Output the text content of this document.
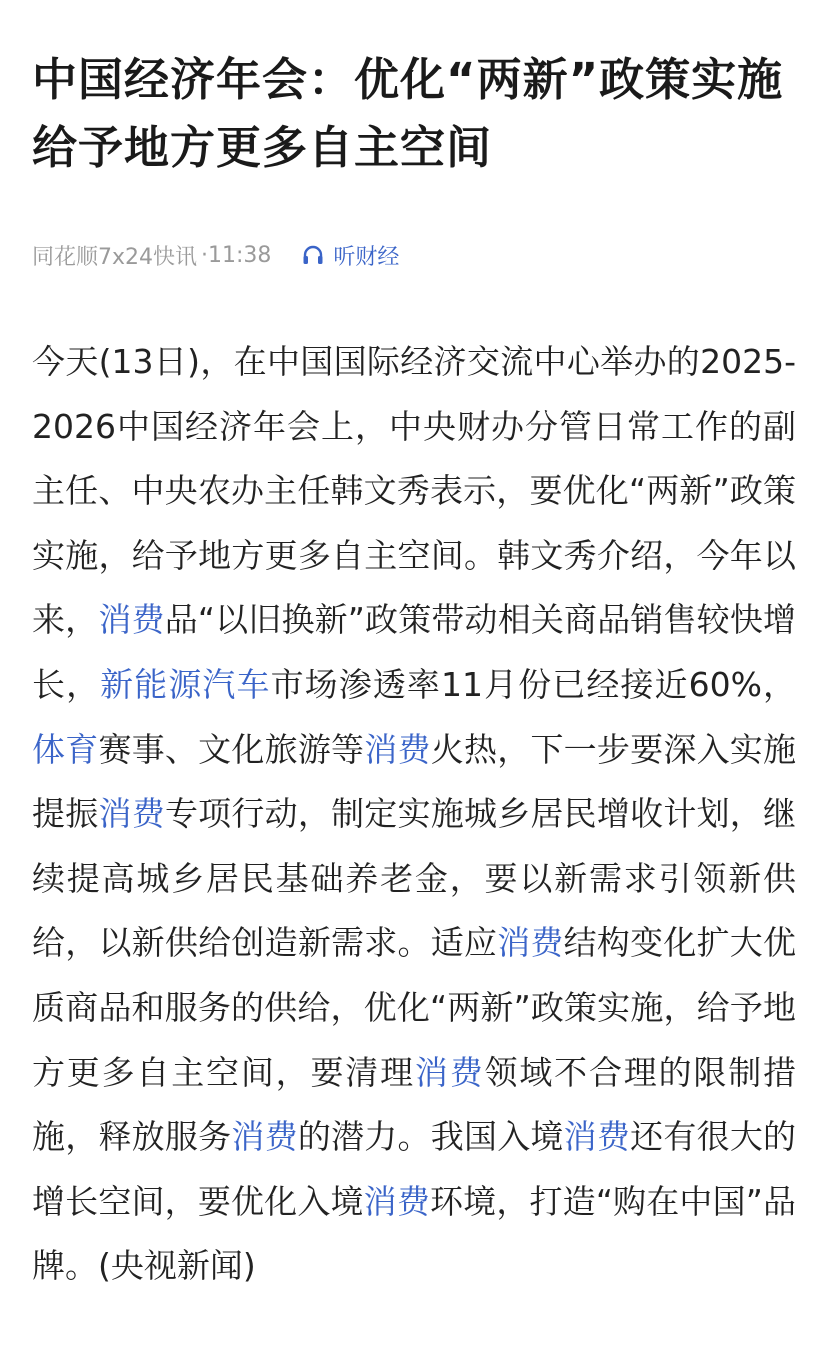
中国经济年会：优化“两新”政策实施 给予地方更多自主空间
同花顺7x24快讯 ·11:38	听财经
今天(13日)，在中国国际经济交流中心举办的2025-2026中国经济年会上，中央财办分管日常工作的副主任、中央农办主任韩文秀表示，要优化“两新”政策实施，给予地方更多自主空间。韩文秀介绍，今年以来，消费品“以旧换新”政策带动相关商品销售较快增长，新能源汽车市场渗透率11月份已经接近60%，体育赛事、文化旅游等消费火热，下一步要深入实施提振消费专项行动，制定实施城乡居民增收计划，继续提高城乡居民基础养老金，要以新需求引领新供给，以新供给创造新需求。适应消费结构变化扩大优质商品和服务的供给，优化“两新”政策实施，给予地方更多自主空间，要清理消费领域不合理的限制措施，释放服务消费的潜力。我国入境消费还有很大的增长空间，要优化入境消费环境，打造“购在中国”品牌。(央视新闻)
